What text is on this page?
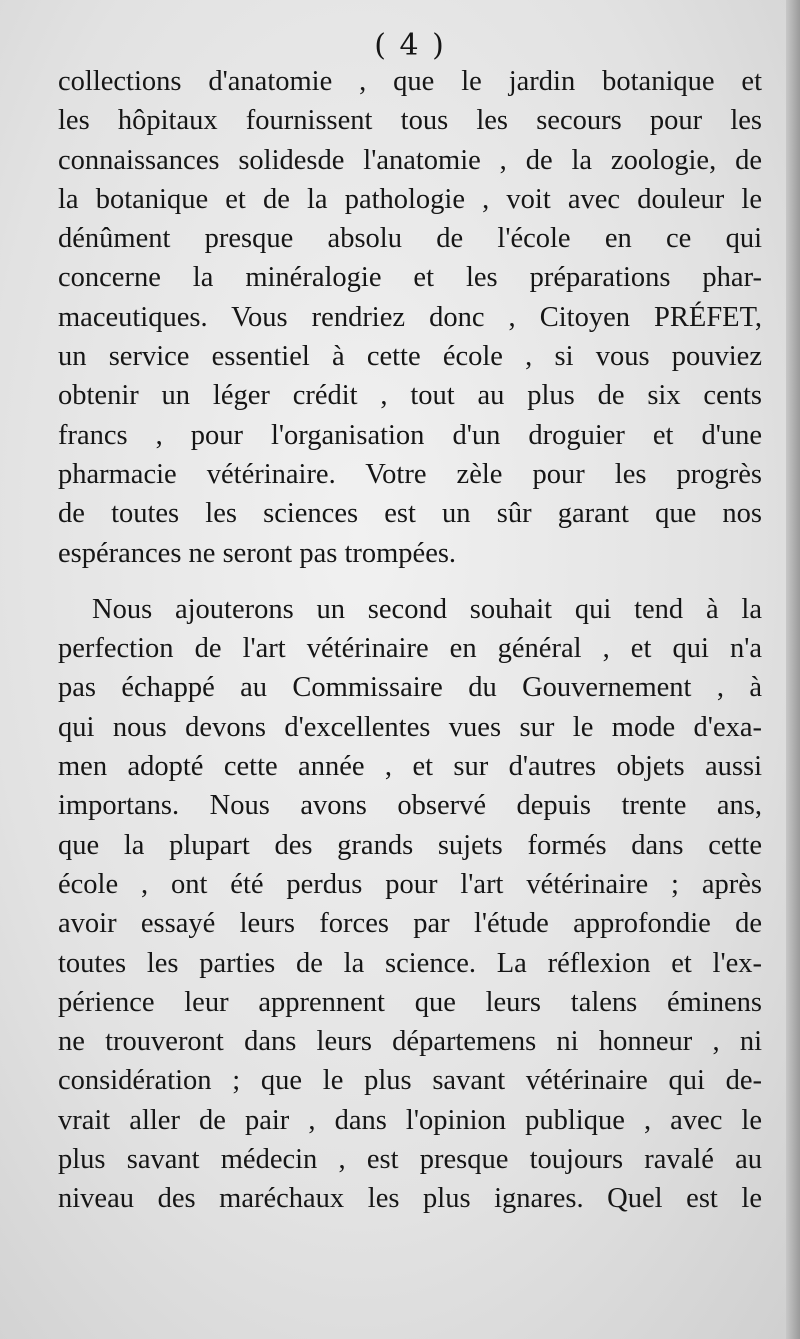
( 4 )
collections d'anatomie , que le jardin botanique et
les hôpitaux fournissent tous les secours pour les
connaissances solidesde l'anatomie , de la zoologie, de
la botanique et de la pathologie , voit avec douleur le
dénûment presque absolu de l'école en ce qui
concerne la minéralogie et les préparations phar-
maceutiques. Vous rendriez donc , Citoyen PRÉFET,
un service essentiel à cette école , si vous pouviez
obtenir un léger crédit , tout au plus de six cents
francs , pour l'organisation d'un droguier et d'une
pharmacie vétérinaire. Votre zèle pour les progrès
de toutes les sciences est un sûr garant que nos
espérances ne seront pas trompées.
Nous ajouterons un second souhait qui tend à la
perfection de l'art vétérinaire en général , et qui n'a
pas échappé au Commissaire du Gouvernement , à
qui nous devons d'excellentes vues sur le mode d'exa-
men adopté cette année , et sur d'autres objets aussi
importans. Nous avons observé depuis trente ans,
que la plupart des grands sujets formés dans cette
école , ont été perdus pour l'art vétérinaire ; après
avoir essayé leurs forces par l'étude approfondie de
toutes les parties de la science. La réflexion et l'ex-
périence leur apprennent que leurs talens éminens
ne trouveront dans leurs départemens ni honneur , ni
considération ; que le plus savant vétérinaire qui de-
vrait aller de pair , dans l'opinion publique , avec le
plus savant médecin , est presque toujours ravalé au
niveau des maréchaux les plus ignares. Quel est le
